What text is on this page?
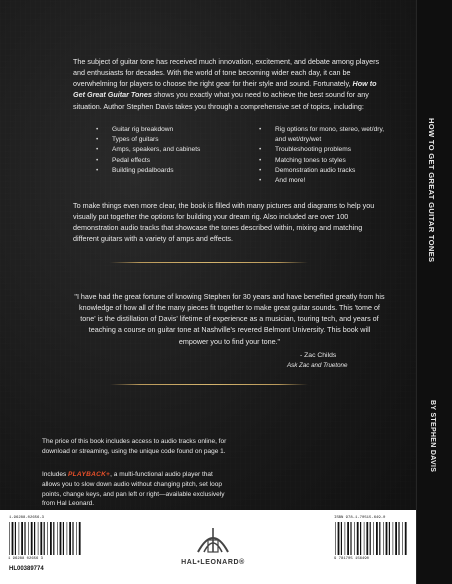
HOW TO GET GREAT GUITAR TONES
BY STEPHEN DAVIS
The subject of guitar tone has received much innovation, excitement, and debate among players and enthusiasts for decades. With the world of tone becoming wider each day, it can be overwhelming for players to choose the right gear for their style and sound. Fortunately, How to Get Great Guitar Tones shows you exactly what you need to achieve the best sound for any situation. Author Stephen Davis takes you through a comprehensive set of topics, including:
• Guitar rig breakdown
• Types of guitars
• Amps, speakers, and cabinets
• Pedal effects
• Building pedalboards
• Rig options for mono, stereo, wet/dry, and wet/dry/wet
• Troubleshooting problems
• Matching tones to styles
• Demonstration audio tracks
• And more!
To make things even more clear, the book is filled with many pictures and diagrams to help you visually put together the options for building your dream rig. Also included are over 100 demonstration audio tracks that showcase the tones described within, mixing and matching different guitars with a variety of amps and effects.
"I have had the great fortune of knowing Stephen for 30 years and have benefited greatly from his knowledge of how all of the many pieces fit together to make great guitar sounds. This 'tome of tone' is the distillation of Davis' lifetime of experience as a musician, touring tech, and years of teaching a course on guitar tone at Nashville's revered Belmont University. This book will empower you to find your tone."
- Zac Childs
Ask Zac and Truetone
The price of this book includes access to audio tracks online, for download or streaming, using the unique code found on page 1.
Includes PLAYBACK+, a multi-functional audio player that allows you to slow down audio without changing pitch, set loop points, change keys, and pan left or right—available exclusively from Hal Leonard.
1-96288-02656-3
1 96288 02656 3
HL00389774
HAL•LEONARD®
ISBN 978-1-70515-649-0
9 781705 156490
